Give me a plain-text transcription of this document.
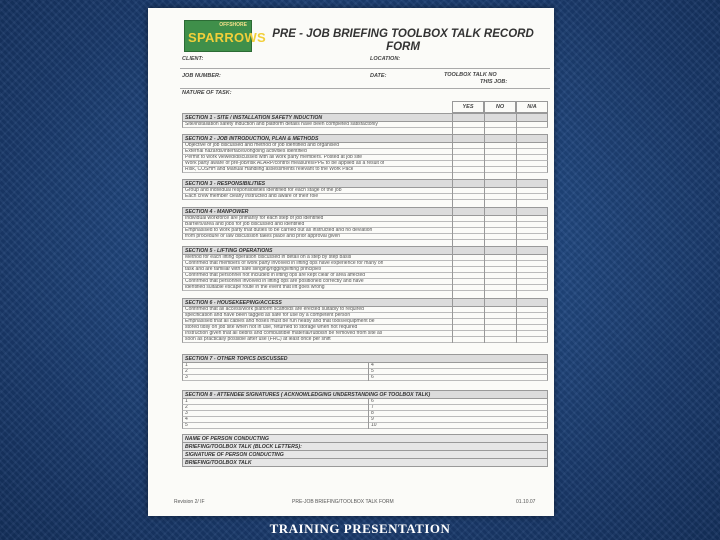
OFFSHORE
SPARROWS PRE - JOB BRIEFING TOOLBOX TALK RECORD FORM
CLIENT:	LOCATION:
JOB NUMBER:	DATE:	TOOLBOX TALK NO
THIS JOB:
NATURE OF TASK:
YES	NO	N/A
SECTION 1 - SITE / INSTALLATION SAFETY INDUCTION
Site/installation safety induction and platform details have been completed satisfactorily
SECTION 2 - JOB INTRODUCTION, PLAN & METHODS
Objective of job discussed and method of job identified and organised
External hazards/interfaces/ongoing activities identified
Permit to work viewed/discussed with all work party members. Posted at job site
Work party aware of pre-job/risk ALARP/control measures/PPE to be applied as a result of
Risk, COSHH and Manual Handling assessments relevant to the Work Pack
SECTION 3 - RESPONSIBILITIES
Group and individual responsibilities identified for each stage of the job
Each crew member clearly instructed and aware of their role
SECTION 4 - MANPOWER
Individual workforce are primarily for each step of job identified
Barriers/area and jobs for job discussed and identified
Emphasised to work party that duties to be carried out as instructed and no deviation
from procedure or law discussion takes place and prior approval given
SECTION 5 - LIFTING OPERATIONS
Method for each lifting operation discussed in detail on a step by step basis
Confirmed that members of work party involved in lifting ops have experience for many on
task and are familiar with safe slinging/rigging/lifting principles
Confirmed that personnel not included in lifting ops are kept clear of area affected
Confirmed that personnel involved in lifting ops are positioned correctly and have
identified suitable escape route in the event that lift goes wrong
SECTION 6 - HOUSEKEEPING/ACCESS
Confirmed that all access/work platform scaffolds are erected suitably to required
specification and have been tagged as safe for use by a competent person
Emphasised that all cables and hoses must be run neatly and that tools/equipment be
stored tidily on job site when not in use, returned to storage when not required
Instruction given that all debris and combustible material/rubbish be removed from site as
soon as practically possible after use (FRC) at least once per shift
SECTION 7 - OTHER TOPICS DISCUSSED
1	4
2	5
3	6
SECTION 8 - ATTENDEE SIGNATURES ( ACKNOWLEDGING UNDERSTANDING OF TOOLBOX TALK)
1	6
2	7
3	8
4	9
5	10
NAME OF PERSON CONDUCTING
BRIEFING/TOOLBOX TALK (BLOCK LETTERS):
SIGNATURE OF PERSON CONDUCTING
BRIEFING/TOOLBOX TALK
Revision 2/ IF	PRE-JOB BRIEFING/TOOLBOX TALK FORM	01.10.07
TRAINING PRESENTATION
